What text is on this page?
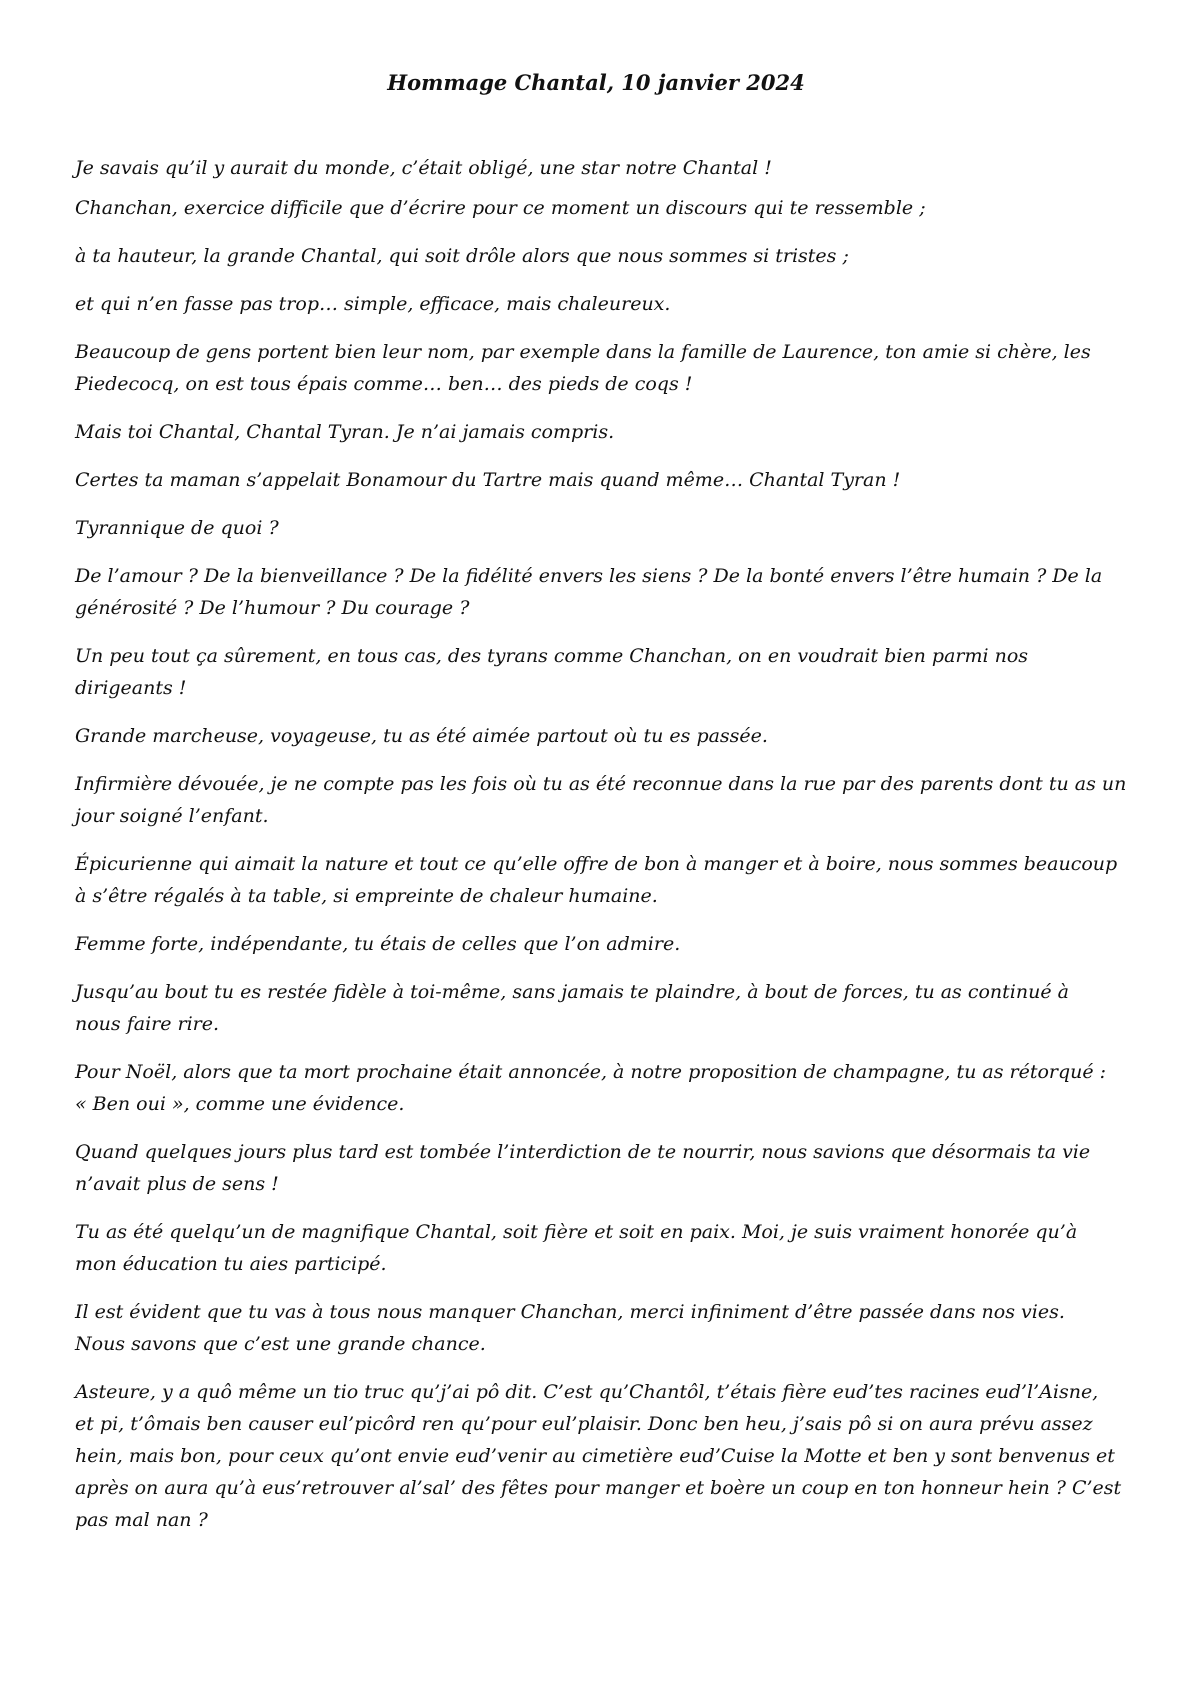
Hommage Chantal, 10 janvier 2024

Je savais qu’il y aurait du monde, c’était obligé, une star notre Chantal !

Chanchan, exercice difficile que d’écrire pour ce moment un discours qui te ressemble ;

à ta hauteur, la grande Chantal, qui soit drôle alors que nous sommes si tristes ;

et qui n’en fasse pas trop… simple, efficace, mais chaleureux.

Beaucoup de gens portent bien leur nom, par exemple dans la famille de Laurence, ton amie si chère, les
Piedecocq, on est tous épais comme… ben… des pieds de coqs !

Mais toi Chantal, Chantal Tyran. Je n’ai jamais compris.

Certes ta maman s’appelait Bonamour du Tartre mais quand même… Chantal Tyran !

Tyrannique de quoi ?

De l’amour ? De la bienveillance ? De la fidélité envers les siens ? De la bonté envers l’être humain ? De la
générosité ? De l’humour ? Du courage ?

Un peu tout ça sûrement, en tous cas, des tyrans comme Chanchan, on en voudrait bien parmi nos
dirigeants !

Grande marcheuse, voyageuse, tu as été aimée partout où tu es passée.

Infirmière dévouée, je ne compte pas les fois où tu as été reconnue dans la rue par des parents dont tu as un
jour soigné l’enfant.

Épicurienne qui aimait la nature et tout ce qu’elle offre de bon à manger et à boire, nous sommes beaucoup
à s’être régalés à ta table, si empreinte de chaleur humaine.

Femme forte, indépendante, tu étais de celles que l’on admire.

Jusqu’au bout tu es restée fidèle à toi-même, sans jamais te plaindre, à bout de forces, tu as continué à
nous faire rire.

Pour Noël, alors que ta mort prochaine était annoncée, à notre proposition de champagne, tu as rétorqué :
« Ben oui », comme une évidence.

Quand quelques jours plus tard est tombée l’interdiction de te nourrir, nous savions que désormais ta vie
n’avait plus de sens !

Tu as été quelqu’un de magnifique Chantal, soit fière et soit en paix. Moi, je suis vraiment honorée qu’à
mon éducation tu aies participé.

Il est évident que tu vas à tous nous manquer Chanchan, merci infiniment d’être passée dans nos vies.
Nous savons que c’est une grande chance.

Asteure, y a quô même un tio truc qu’j’ai pô dit. C’est qu’Chantôl, t’étais fière eud’tes racines eud’l’Aisne,
et pi, t’ômais ben causer eul’picôrd ren qu’pour eul’plaisir. Donc ben heu, j’sais pô si on aura prévu assez
hein, mais bon, pour ceux qu’ont envie eud’venir au cimetière eud’Cuise la Motte et ben y sont benvenus et
après on aura qu’à eus’retrouver al’sal’ des fêtes pour manger et boère un coup en ton honneur hein ? C’est
pas mal nan ?
